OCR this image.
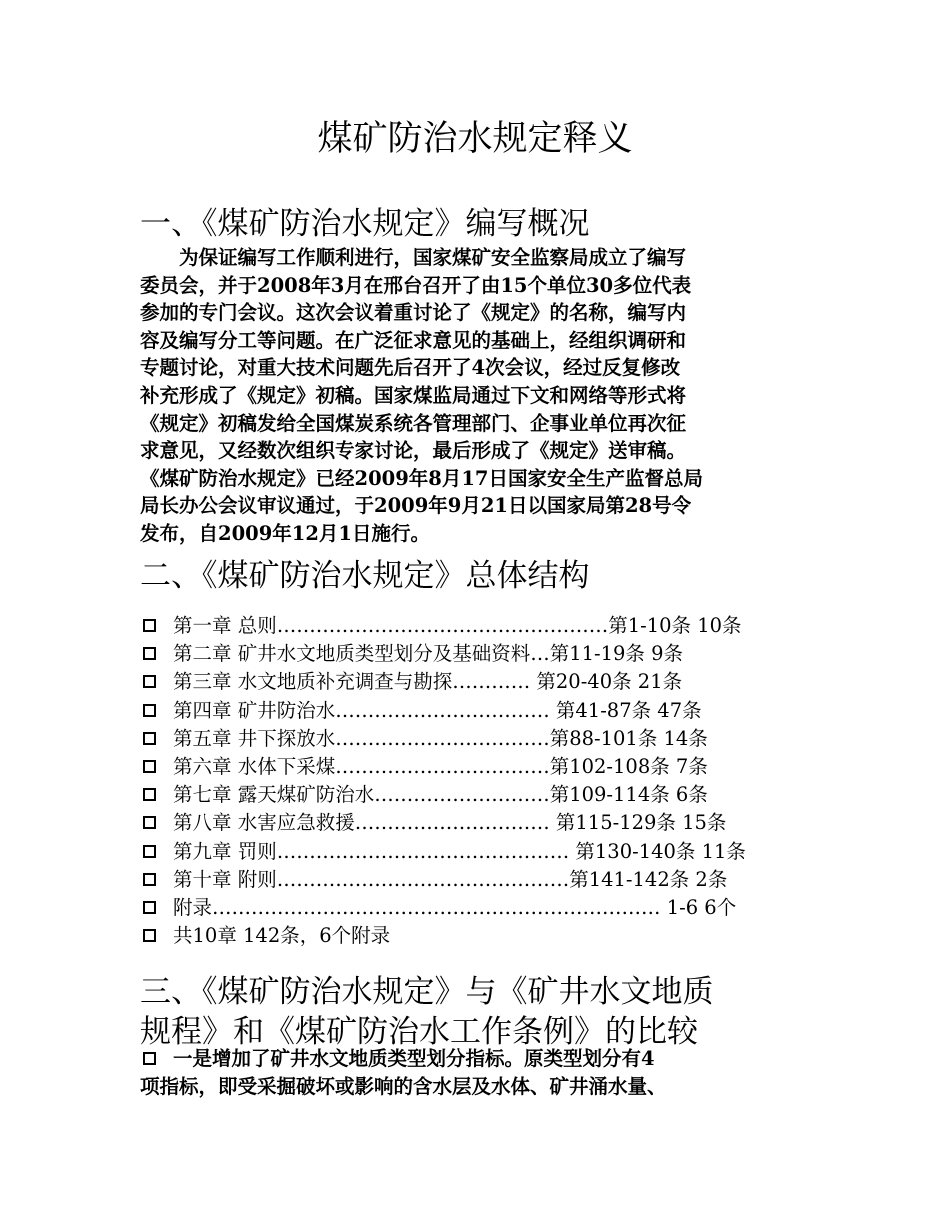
煤矿防治水规定释义
一、《煤矿防治水规定》编写概况
　　为保证编写工作顺利进行，国家煤矿安全监察局成立了编写
委员会，并于2008年3月在邢台召开了由15个单位30多位代表
参加的专门会议。这次会议着重讨论了《规定》的名称，编写内
容及编写分工等问题。在广泛征求意见的基础上，经组织调研和
专题讨论，对重大技术问题先后召开了4次会议，经过反复修改
补充形成了《规定》初稿。国家煤监局通过下文和网络等形式将
《规定》初稿发给全国煤炭系统各管理部门、企事业单位再次征
求意见，又经数次组织专家讨论，最后形成了《规定》送审稿。
《煤矿防治水规定》已经2009年8月17日国家安全生产监督总局
局长办公会议审议通过，于2009年9月21日以国家局第28号令
发布，自2009年12月1日施行。
二、《煤矿防治水规定》总体结构
第一章 总则……………………………………………第1-10条 10条
第二章 矿井水文地质类型划分及基础资料…第11-19条 9条
第三章 水文地质补充调查与勘探………… 第20-40条 21条
第四章 矿井防治水…………………………… 第41-87条 47条
第五章 井下探放水……………………………第88-101条 14条
第六章 水体下采煤……………………………第102-108条 7条
第七章 露天煤矿防治水………………………第109-114条 6条
第八章 水害应急救援………………………… 第115-129条 15条
第九章 罚则……………………………………… 第130-140条 11条
第十章 附则………………………………………第141-142条 2条
附录…………………………………………………………… 1-6 6个
共10章 142条，6个附录
三、《煤矿防治水规定》与《矿井水文地质
规程》和《煤矿防治水工作条例》的比较
一是增加了矿井水文地质类型划分指标。原类型划分有4
项指标，即受采掘破坏或影响的含水层及水体、矿井涌水量、
